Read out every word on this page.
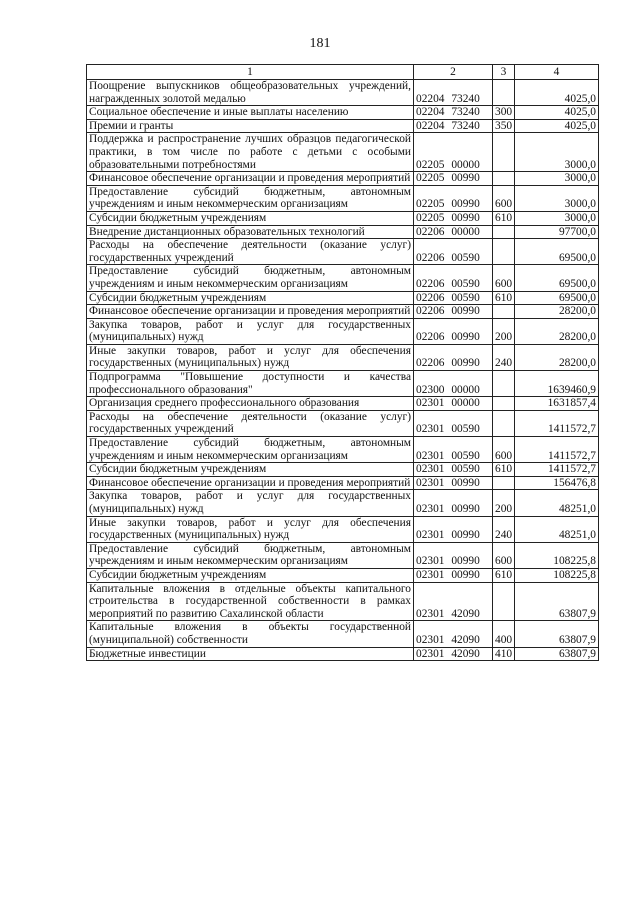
181
1	2	3	4
Поощрение выпускников общеобразовательных учреждений, награжденных золотой медалью	02204 73240		4025,0
Социальное обеспечение и иные выплаты населению	02204 73240	300	4025,0
Премии и гранты	02204 73240	350	4025,0
Поддержка и распространение лучших образцов педагогической практики, в том числе по работе с детьми с особыми образовательными потребностями	02205 00000		3000,0
Финансовое обеспечение организации и проведения мероприятий	02205 00990		3000,0
Предоставление субсидий бюджетным, автономным учреждениям и иным некоммерческим организациям	02205 00990	600	3000,0
Субсидии бюджетным учреждениям	02205 00990	610	3000,0
Внедрение дистанционных образовательных технологий	02206 00000		97700,0
Расходы на обеспечение деятельности (оказание услуг) государственных учреждений	02206 00590		69500,0
Предоставление субсидий бюджетным, автономным учреждениям и иным некоммерческим организациям	02206 00590	600	69500,0
Субсидии бюджетным учреждениям	02206 00590	610	69500,0
Финансовое обеспечение организации и проведения мероприятий	02206 00990		28200,0
Закупка товаров, работ и услуг для государственных (муниципальных) нужд	02206 00990	200	28200,0
Иные закупки товаров, работ и услуг для обеспечения государственных (муниципальных) нужд	02206 00990	240	28200,0
Подпрограмма "Повышение доступности и качества профессионального образования"	02300 00000		1639460,9
Организация среднего профессионального образования	02301 00000		1631857,4
Расходы на обеспечение деятельности (оказание услуг) государственных учреждений	02301 00590		1411572,7
Предоставление субсидий бюджетным, автономным учреждениям и иным некоммерческим организациям	02301 00590	600	1411572,7
Субсидии бюджетным учреждениям	02301 00590	610	1411572,7
Финансовое обеспечение организации и проведения мероприятий	02301 00990		156476,8
Закупка товаров, работ и услуг для государственных (муниципальных) нужд	02301 00990	200	48251,0
Иные закупки товаров, работ и услуг для обеспечения государственных (муниципальных) нужд	02301 00990	240	48251,0
Предоставление субсидий бюджетным, автономным учреждениям и иным некоммерческим организациям	02301 00990	600	108225,8
Субсидии бюджетным учреждениям	02301 00990	610	108225,8
Капитальные вложения в отдельные объекты капитального строительства в государственной собственности в рамках мероприятий по развитию Сахалинской области	02301 42090		63807,9
Капитальные вложения в объекты государственной (муниципальной) собственности	02301 42090	400	63807,9
Бюджетные инвестиции	02301 42090	410	63807,9
